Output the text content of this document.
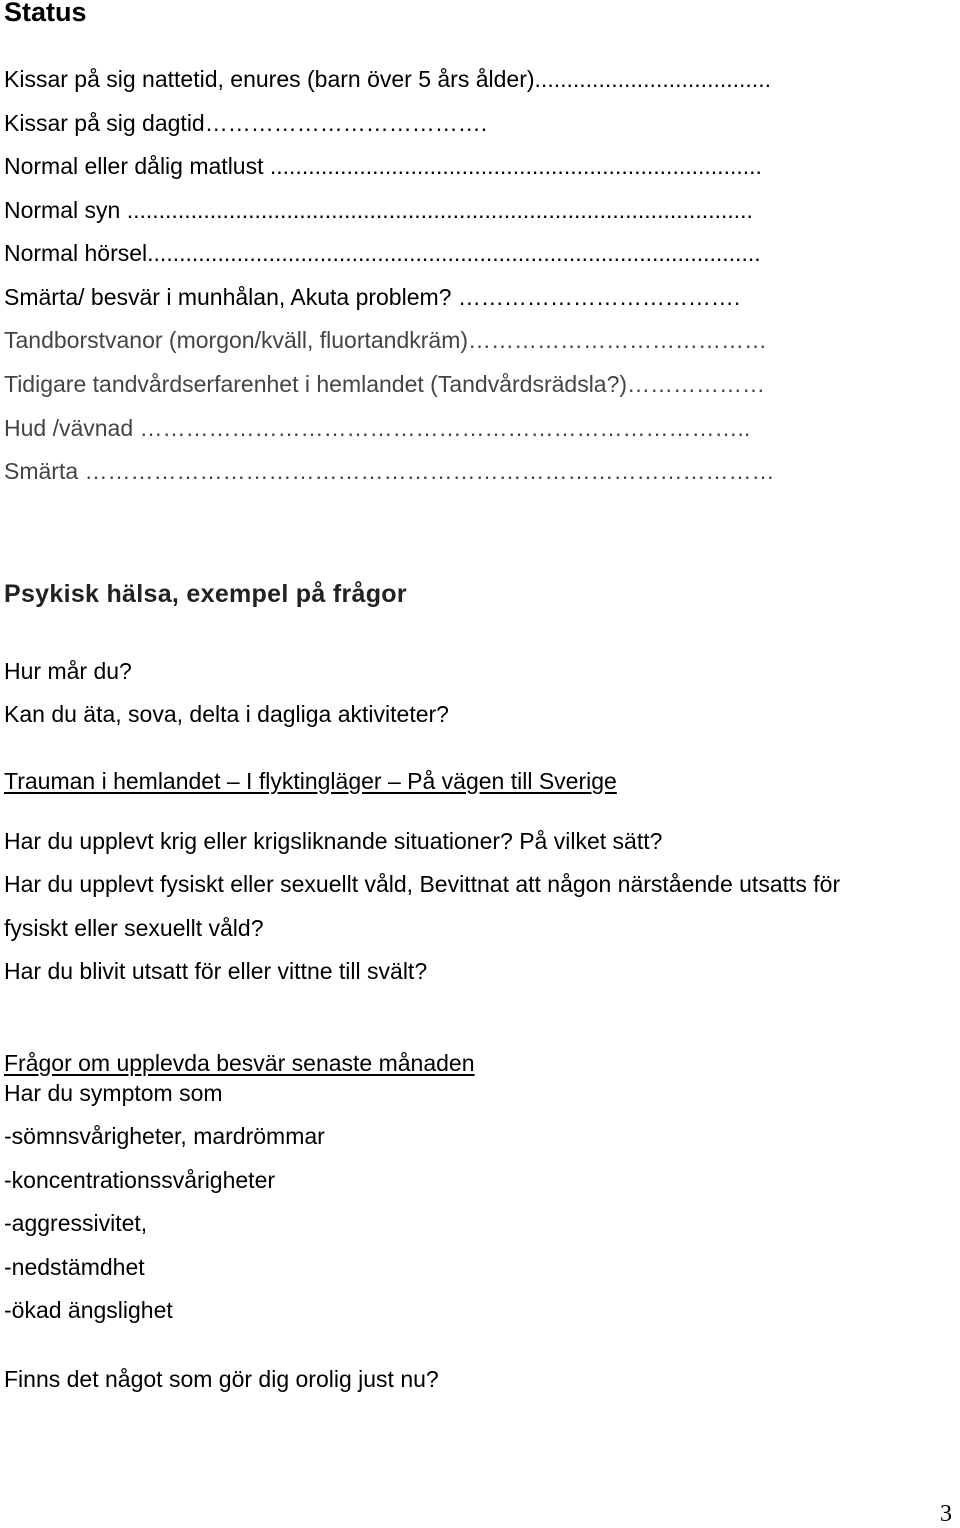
Status
Kissar på sig nattetid, enures (barn över 5 års ålder).....................................
Kissar på sig dagtid……………………………….
Normal eller dålig matlust .............................................................................
Normal syn ..................................................................................................
Normal hörsel................................................................................................
Smärta/ besvär i munhålan, Akuta problem? ……………………………….
Tandborstvanor (morgon/kväll, fluortandkräm)…………………………………
Tidigare tandvårdserfarenhet i hemlandet (Tandvårdsrädsla?)………………
Hud /vävnad ……………………………………………………………………..
Smärta ………………………………………………………………………………
Psykisk hälsa, exempel på frågor
Hur mår du?
Kan du äta, sova, delta i dagliga aktiviteter?
Trauman i hemlandet – I flyktingläger – På vägen till Sverige
Har du upplevt krig eller krigsliknande situationer? På vilket sätt?
Har du upplevt fysiskt eller sexuellt våld, Bevittnat att någon närstående utsatts för
fysiskt eller sexuellt våld?
Har du blivit utsatt för eller vittne till svält?
Frågor om upplevda besvär senaste månaden
Har du symptom som
-sömnsvårigheter, mardrömmar
-koncentrationssvårigheter
-aggressivitet,
-nedstämdhet
-ökad ängslighet
Finns det något som gör dig orolig just nu?
3
